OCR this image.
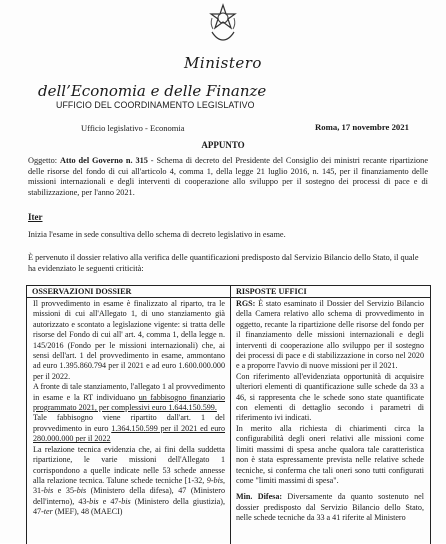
Ministero
dell’Economia e delle Finanze
UFFICIO DEL COORDINAMENTO LEGISLATIVO
Ufficio legislativo - Economia	Roma, 17 novembre 2021
APPUNTO
Oggetto: Atto del Governo n. 315 - Schema di decreto del Presidente del Consiglio dei ministri recante ripartizione delle risorse del fondo di cui all'articolo 4, comma 1, della legge 21 luglio 2016, n. 145, per il finanziamento delle missioni internazionali e degli interventi di cooperazione allo sviluppo per il sostegno dei processi di pace e di stabilizzazione, per l'anno 2021.
Iter
Inizia l'esame in sede consultiva dello schema di decreto legislativo in esame.
È pervenuto il dossier relativo alla verifica delle quantificazioni predisposto dal Servizio Bilancio dello Stato, il quale ha evidenziato le seguenti criticità:
OSSERVAZIONI DOSSIER	RISPOSTE UFFICI

Il provvedimento in esame è finalizzato al riparto, tra le missioni di cui all'Allegato 1, di uno stanziamento già autorizzato e scontato a legislazione vigente: si tratta delle risorse del Fondo di cui all' art. 4, comma 1, della legge n. 145/2016 (Fondo per le missioni internazionali) che, ai sensi dell'art. 1 del provvedimento in esame, ammontano ad euro 1.395.860.794 per il 2021 e ad euro 1.600.000.000 per il 2022.

A fronte di tale stanziamento, l'allegato 1 al provvedimento in esame e la RT individuano un fabbisogno finanziario programmato 2021, per complessivi euro 1.644.150.599.

Tale fabbisogno viene ripartito dall'art. 1 del provvedimento in euro 1.364.150.599 per il 2021 ed euro 280.000.000 per il 2022

La relazione tecnica evidenzia che, ai fini della suddetta ripartizione, le varie missioni dell'Allegato 1 corrispondono a quelle indicate nelle 53 schede annesse alla relazione tecnica. Talune schede tecniche [1-32, 9-bis, 31-bis e 35-bis (Ministero della difesa), 47 (Ministero dell'interno), 43-bis e 47-bis (Ministero della giustizia), 47-ter (MEF), 48 (MAECI)

RGS: È stato esaminato il Dossier del Servizio Bilancio della Camera relativo allo schema di provvedimento in oggetto, recante la ripartizione delle risorse del fondo per il finanziamento delle missioni internazionali e degli interventi di cooperazione allo sviluppo per il sostegno dei processi di pace e di stabilizzazione in corso nel 2020 e a proporre l'avvio di nuove missioni per il 2021.

Con riferimento all'evidenziata opportunità di acquisire ulteriori elementi di quantificazione sulle schede da 33 a 46, si rappresenta che le schede sono state quantificate con elementi di dettaglio secondo i parametri di riferimento ivi indicati.

In merito alla richiesta di chiarimenti circa la configurabilità degli oneri relativi alle missioni come limiti massimi di spesa anche qualora tale caratteristica non è stata espressamente prevista nelle relative schede tecniche, si conferma che tali oneri sono tutti configurati come "limiti massimi di spesa".

Min. Difesa: Diversamente da quanto sostenuto nel dossier predisposto dal Servizio Bilancio dello Stato, nelle schede tecniche da 33 a 41 riferite al Ministero
